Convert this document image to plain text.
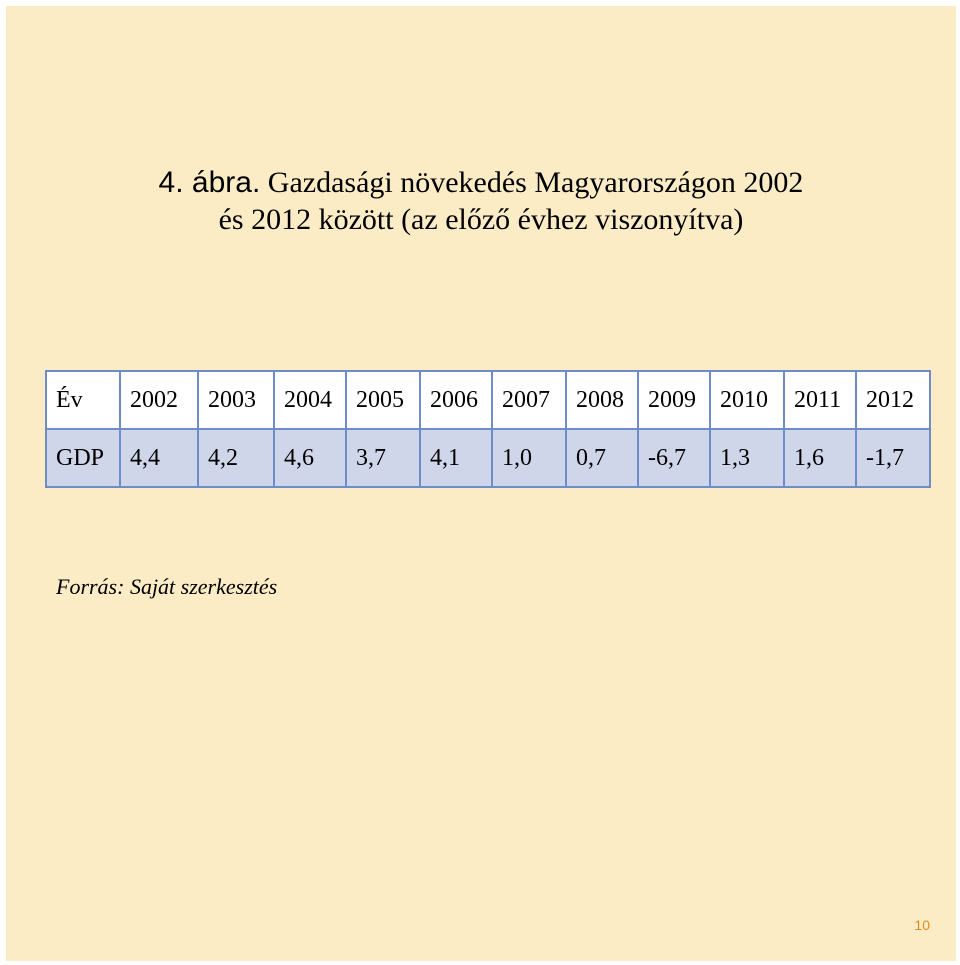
4. ábra. Gazdasági növekedés Magyarországon 2002
és 2012 között (az előző évhez viszonyítva)
Év	2002	2003	2004	2005	2006	2007	2008	2009	2010	2011	2012
GDP	4,4	4,2	4,6	3,7	4,1	1,0	0,7	-6,7	1,3	1,6	-1,7
Forrás: Saját szerkesztés
10
